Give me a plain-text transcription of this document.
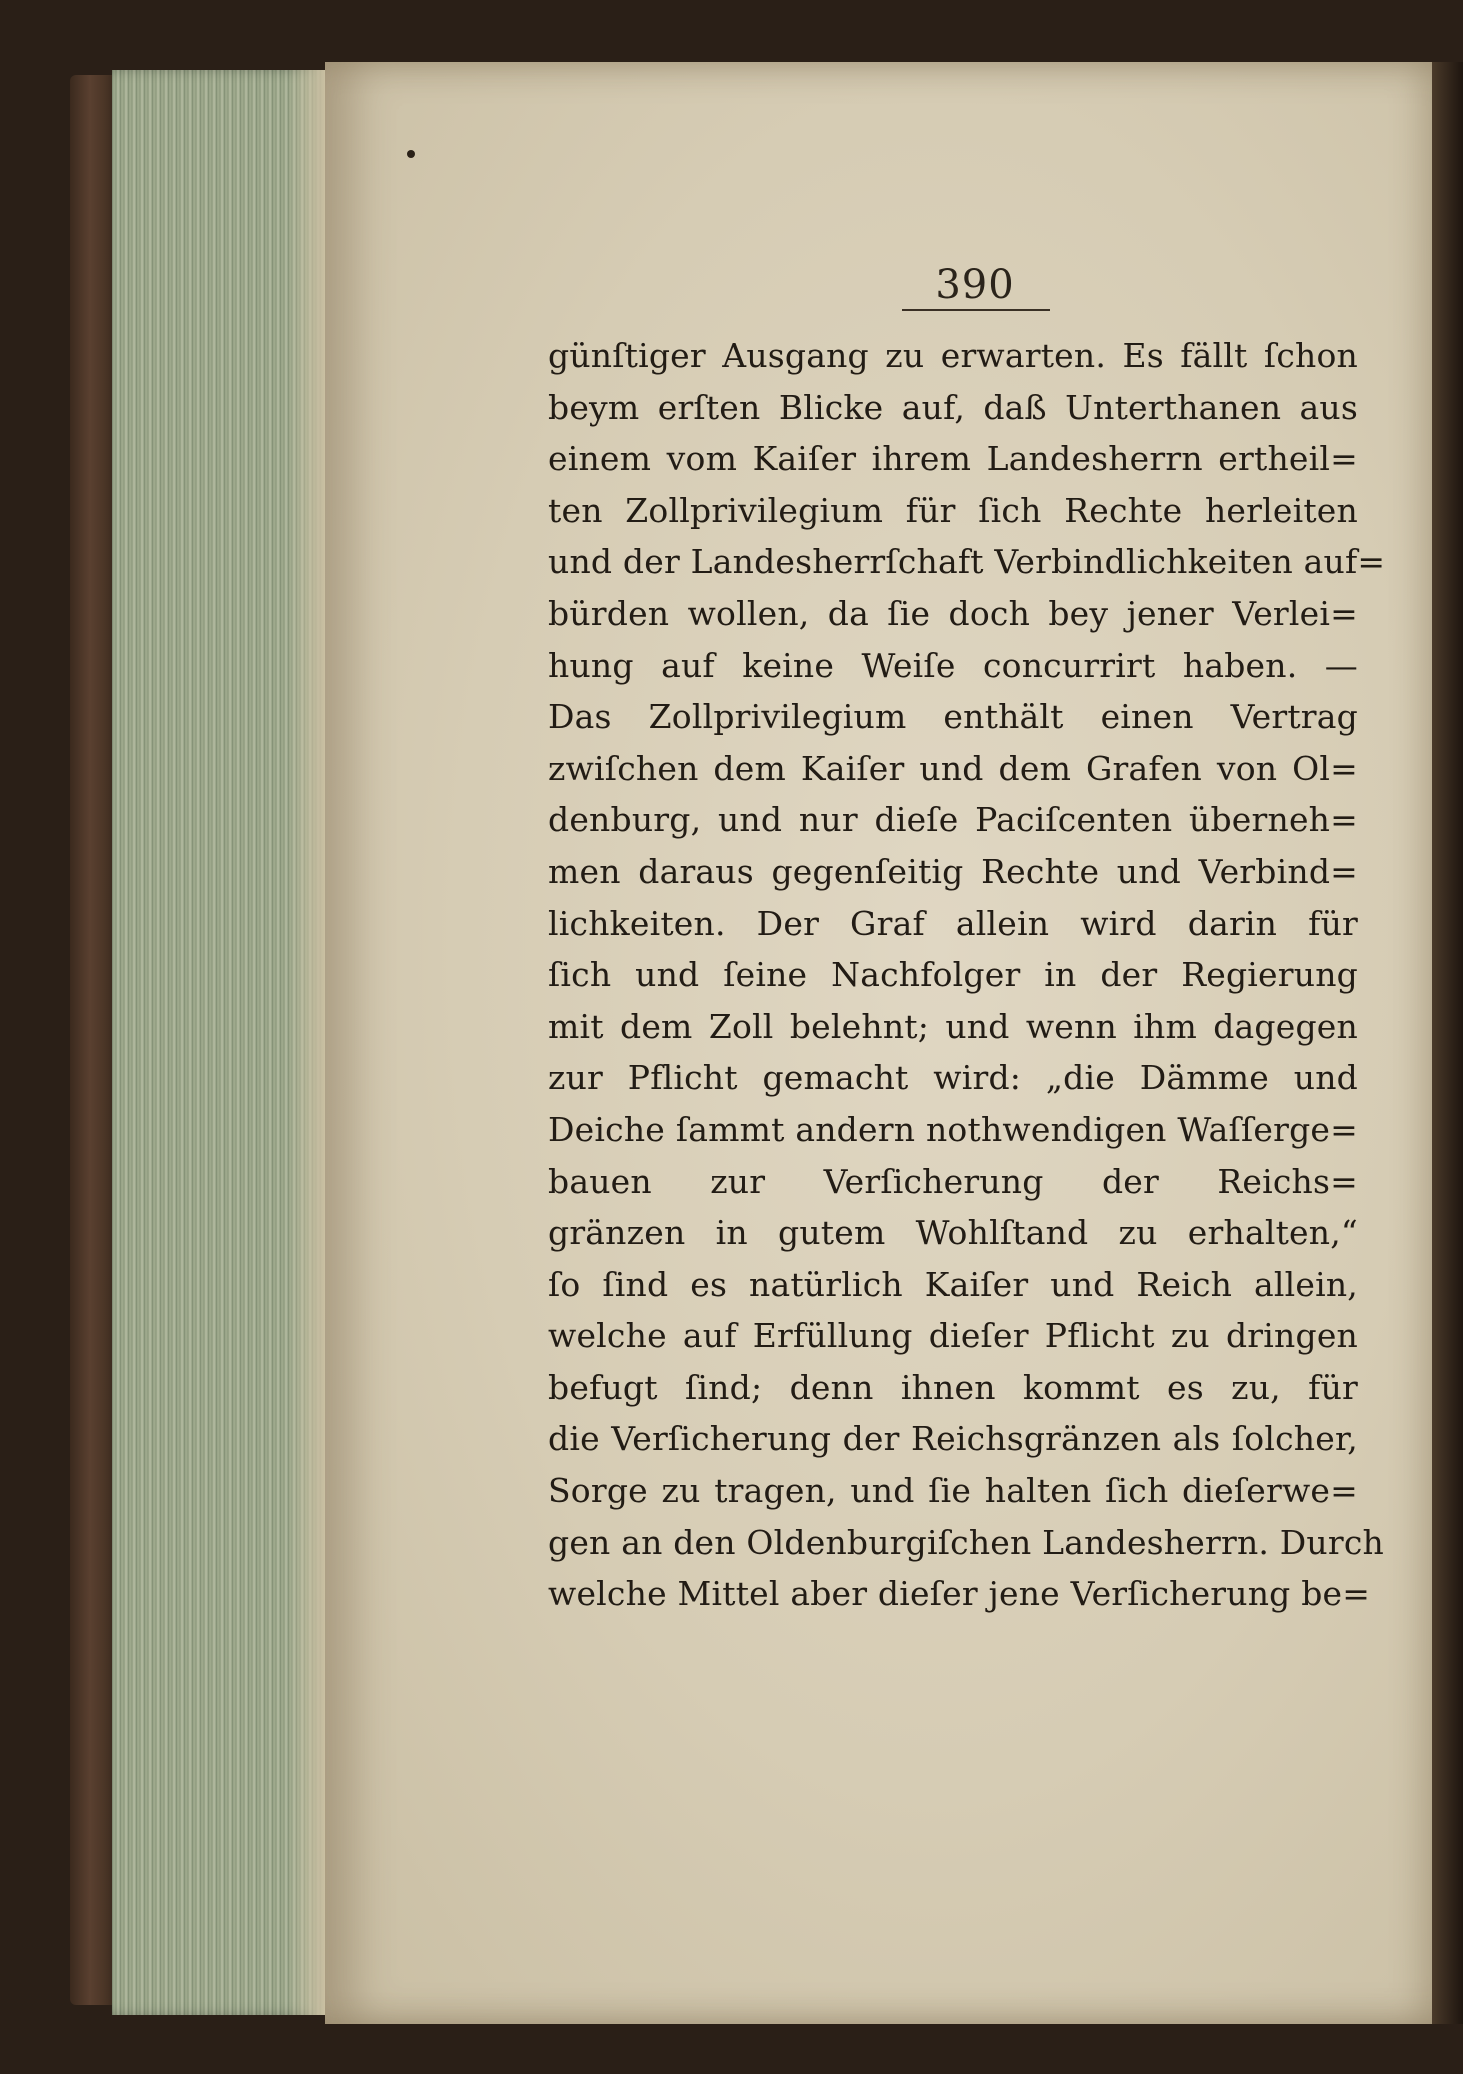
390
günſtiger Ausgang zu erwarten. Es fällt ſchon
beym erſten Blicke auf, daß Unterthanen aus
einem vom Kaiſer ihrem Landesherrn ertheil=
ten Zollprivilegium für ſich Rechte herleiten
und der Landesherrſchaft Verbindlichkeiten auf=
bürden wollen, da ſie doch bey jener Verlei=
hung auf keine Weiſe concurrirt haben. —
Das Zollprivilegium enthält einen Vertrag
zwiſchen dem Kaiſer und dem Grafen von Ol=
denburg, und nur dieſe Paciſcenten überneh=
men daraus gegenſeitig Rechte und Verbind=
lichkeiten. Der Graf allein wird darin für
ſich und ſeine Nachfolger in der Regierung
mit dem Zoll belehnt; und wenn ihm dagegen
zur Pflicht gemacht wird: „die Dämme und
Deiche ſammt andern nothwendigen Waſſerge=
bauen zur Verſicherung der Reichs=
gränzen in gutem Wohlſtand zu erhalten,“
ſo ſind es natürlich Kaiſer und Reich allein,
welche auf Erfüllung dieſer Pflicht zu dringen
befugt ſind; denn ihnen kommt es zu, für
die Verſicherung der Reichsgränzen als ſolcher,
Sorge zu tragen, und ſie halten ſich dieſerwe=
gen an den Oldenburgiſchen Landesherrn. Durch
welche Mittel aber dieſer jene Verſicherung be=
